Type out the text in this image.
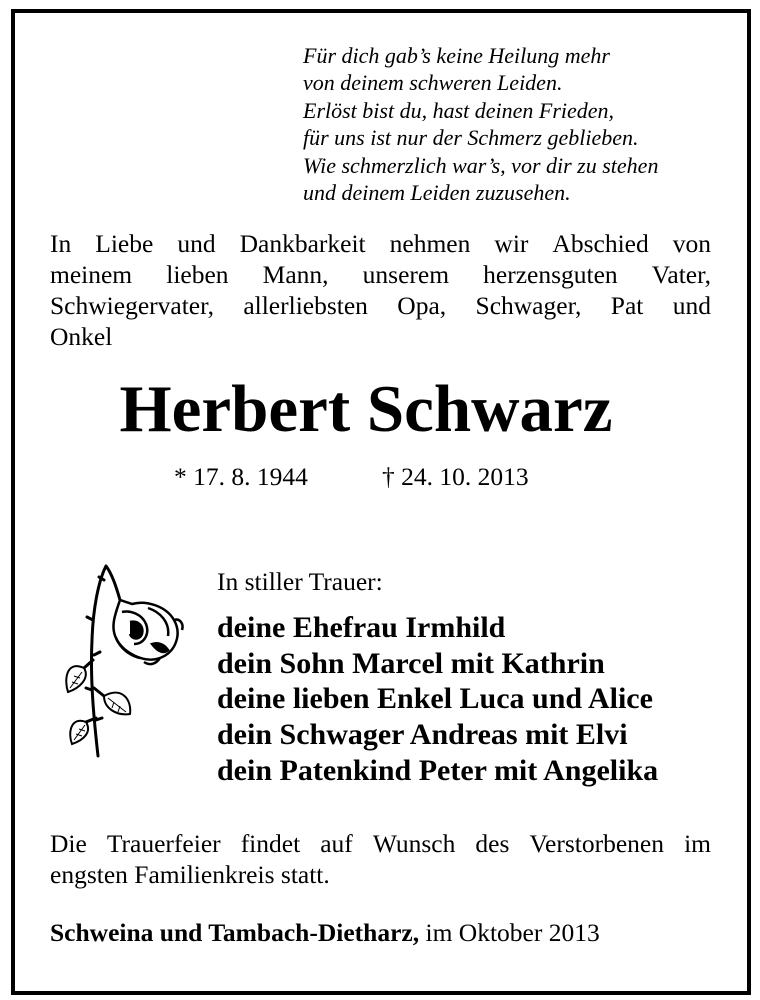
Für dich gab’s keine Heilung mehr
von deinem schweren Leiden.
Erlöst bist du, hast deinen Frieden,
für uns ist nur der Schmerz geblieben.
Wie schmerzlich war’s, vor dir zu stehen
und deinem Leiden zuzusehen.
In Liebe und Dankbarkeit nehmen wir Abschied von
meinem lieben Mann, unserem herzensguten Vater,
Schwiegervater, allerliebsten Opa, Schwager, Pat und
Onkel
Herbert Schwarz
* 17. 8. 1944	† 24. 10. 2013
In stiller Trauer:
deine Ehefrau Irmhild
dein Sohn Marcel mit Kathrin
deine lieben Enkel Luca und Alice
dein Schwager Andreas mit Elvi
dein Patenkind Peter mit Angelika
Die Trauerfeier findet auf Wunsch des Verstorbenen im
engsten Familienkreis statt.
Schweina und Tambach-Dietharz, im Oktober 2013
